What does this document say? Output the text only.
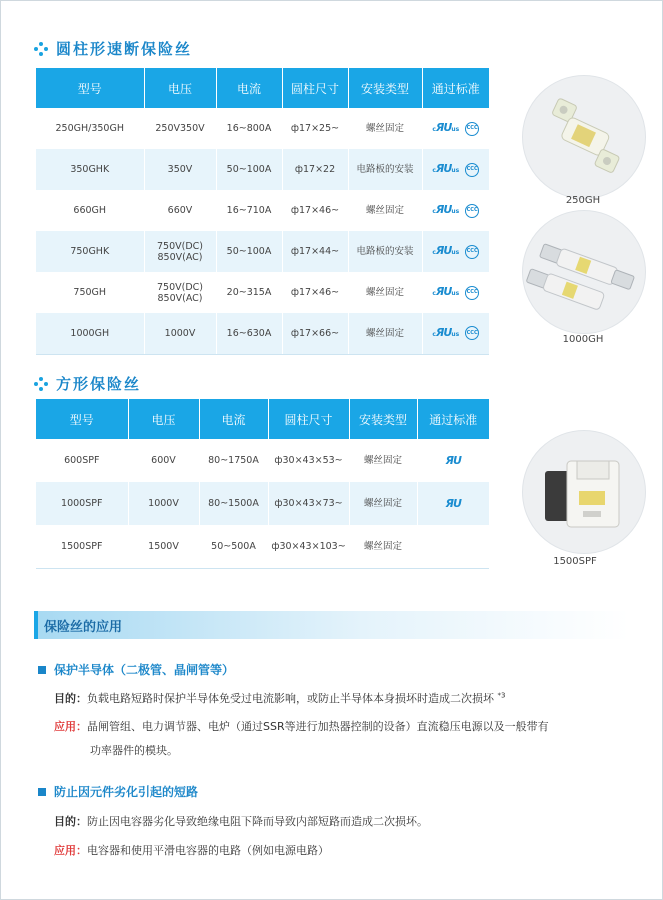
圆柱形速断保险丝
型号	电压	电流	圆柱尺寸	安装类型	通过标准
250GH/350GH	250V350V	16~800A	ф17×25~	螺丝固定	cЯUus CCC

350GHK	350V	50~100A	ф17×22	电路板的安装	cЯUus CCC

660GH	660V	16~710A	ф17×46~	螺丝固定	cЯUus CCC

750GHK	750V(DC) 850V(AC)	50~100A	ф17×44~	电路板的安装	cЯUus CCC

750GH	750V(DC) 850V(AC)	20~315A	ф17×46~	螺丝固定	cЯUus CCC

1000GH	1000V	16~630A	ф17×66~	螺丝固定	cЯUus CCC
250GH
1000GH
方形保险丝
型号	电压	电流	圆柱尺寸	安装类型	通过标准
600SPF	600V	80~1750A	ф30×43×53~	螺丝固定	ЯU

1000SPF	1000V	80~1500A	ф30×43×73~	螺丝固定	ЯU

1500SPF	1500V	50~500A	ф30×43×103~	螺丝固定	
1500SPF
保险丝的应用
保护半导体（二极管、晶闸管等）
目的：负载电路短路时保护半导体免受过电流影响，或防止半导体本身损坏时造成二次损坏 $^{*3}$
应用：晶闸管组、电力调节器、电炉（通过SSR等进行加热器控制的设备）直流稳压电源以及一般带有
功率器件的模块。
防止因元件劣化引起的短路
目的：防止因电容器劣化导致绝缘电阻下降而导致内部短路而造成二次损坏。
应用：电容器和使用平滑电容器的电路（例如电源电路）
